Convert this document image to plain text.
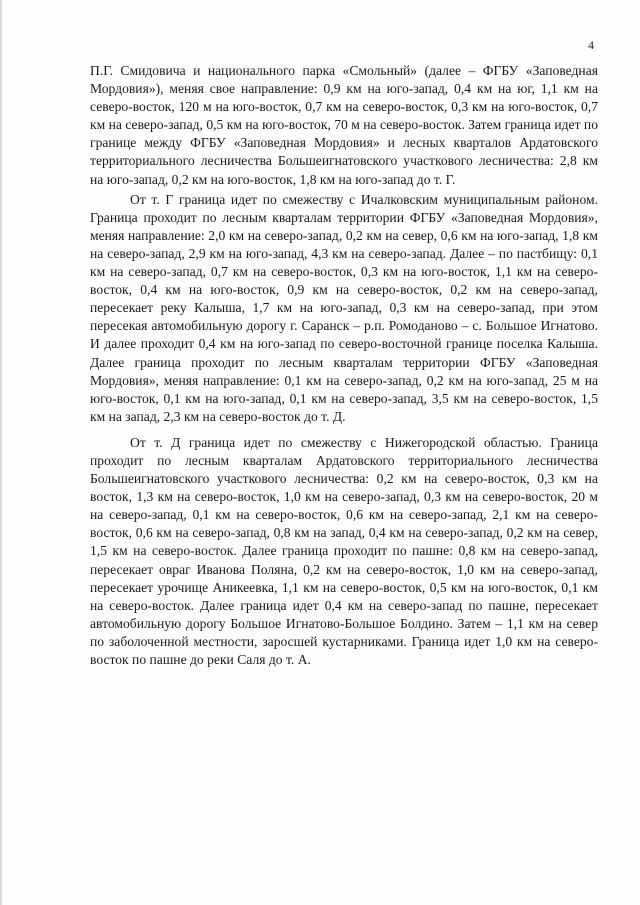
4

П.Г. Смидовича и национального парка «Смольный» (далее – ФГБУ «Заповедная Мордовия»), меняя свое направление: 0,9 км на юго-запад, 0,4 км на юг, 1,1 км на северо-восток, 120 м на юго-восток, 0,7 км на северо-восток, 0,3 км на юго-восток, 0,7 км на северо-запад, 0,5 км на юго-восток, 70 м на северо-восток. Затем граница идет по границе между ФГБУ «Заповедная Мордовия» и лесных кварталов Ардатовского территориального лесничества Большеигнатовского участкового лесничества: 2,8 км на юго-запад, 0,2 км на юго-восток, 1,8 км на юго-запад до т. Г.

От т. Г граница идет по смежеству с Ичалковским муниципальным районом. Граница проходит по лесным кварталам территории ФГБУ «Заповедная Мордовия», меняя направление: 2,0 км на северо-запад, 0,2 км на север, 0,6 км на юго-запад, 1,8 км на северо-запад, 2,9 км на юго-запад, 4,3 км на северо-запад. Далее – по пастбищу: 0,1 км на северо-запад, 0,7 км на северо-восток, 0,3 км на юго-восток, 1,1 км на северо-восток, 0,4 км на юго-восток, 0,9 км на северо-восток, 0,2 км на северо-запад, пересекает реку Калыша, 1,7 км на юго-запад, 0,3 км на северо-запад, при этом пересекая автомобильную дорогу г. Саранск – р.п. Ромоданово – с. Большое Игнатово. И далее проходит 0,4 км на юго-запад по северо-восточной границе поселка Калыша. Далее граница проходит по лесным кварталам территории ФГБУ «Заповедная Мордовия», меняя направление: 0,1 км на северо-запад, 0,2 км на юго-запад, 25 м на юго-восток, 0,1 км на юго-запад, 0,1 км на северо-запад, 3,5 км на северо-восток, 1,5 км на запад, 2,3 км на северо-восток до т. Д.

От т. Д граница идет по смежеству с Нижегородской областью. Граница проходит по лесным кварталам Ардатовского территориального лесничества Большеигнатовского участкового лесничества: 0,2 км на северо-восток, 0,3 км на восток, 1,3 км на северо-восток, 1,0 км на северо-запад, 0,3 км на северо-восток, 20 м на северо-запад, 0,1 км на северо-восток, 0,6 км на северо-запад, 2,1 км на северо-восток, 0,6 км на северо-запад, 0,8 км на запад, 0,4 км на северо-запад, 0,2 км на север, 1,5 км на северо-восток. Далее граница проходит по пашне: 0,8 км на северо-запад, пересекает овраг Иванова Поляна, 0,2 км на северо-восток, 1,0 км на северо-запад, пересекает урочище Аникеевка, 1,1 км на северо-восток, 0,5 км на юго-восток, 0,1 км на северо-восток. Далее граница идет 0,4 км на северо-запад по пашне, пересекает автомобильную дорогу Большое Игнатово-Большое Болдино. Затем – 1,1 км на север по заболоченной местности, заросшей кустарниками. Граница идет 1,0 км на северо-восток по пашне до реки Саля до т. А.
